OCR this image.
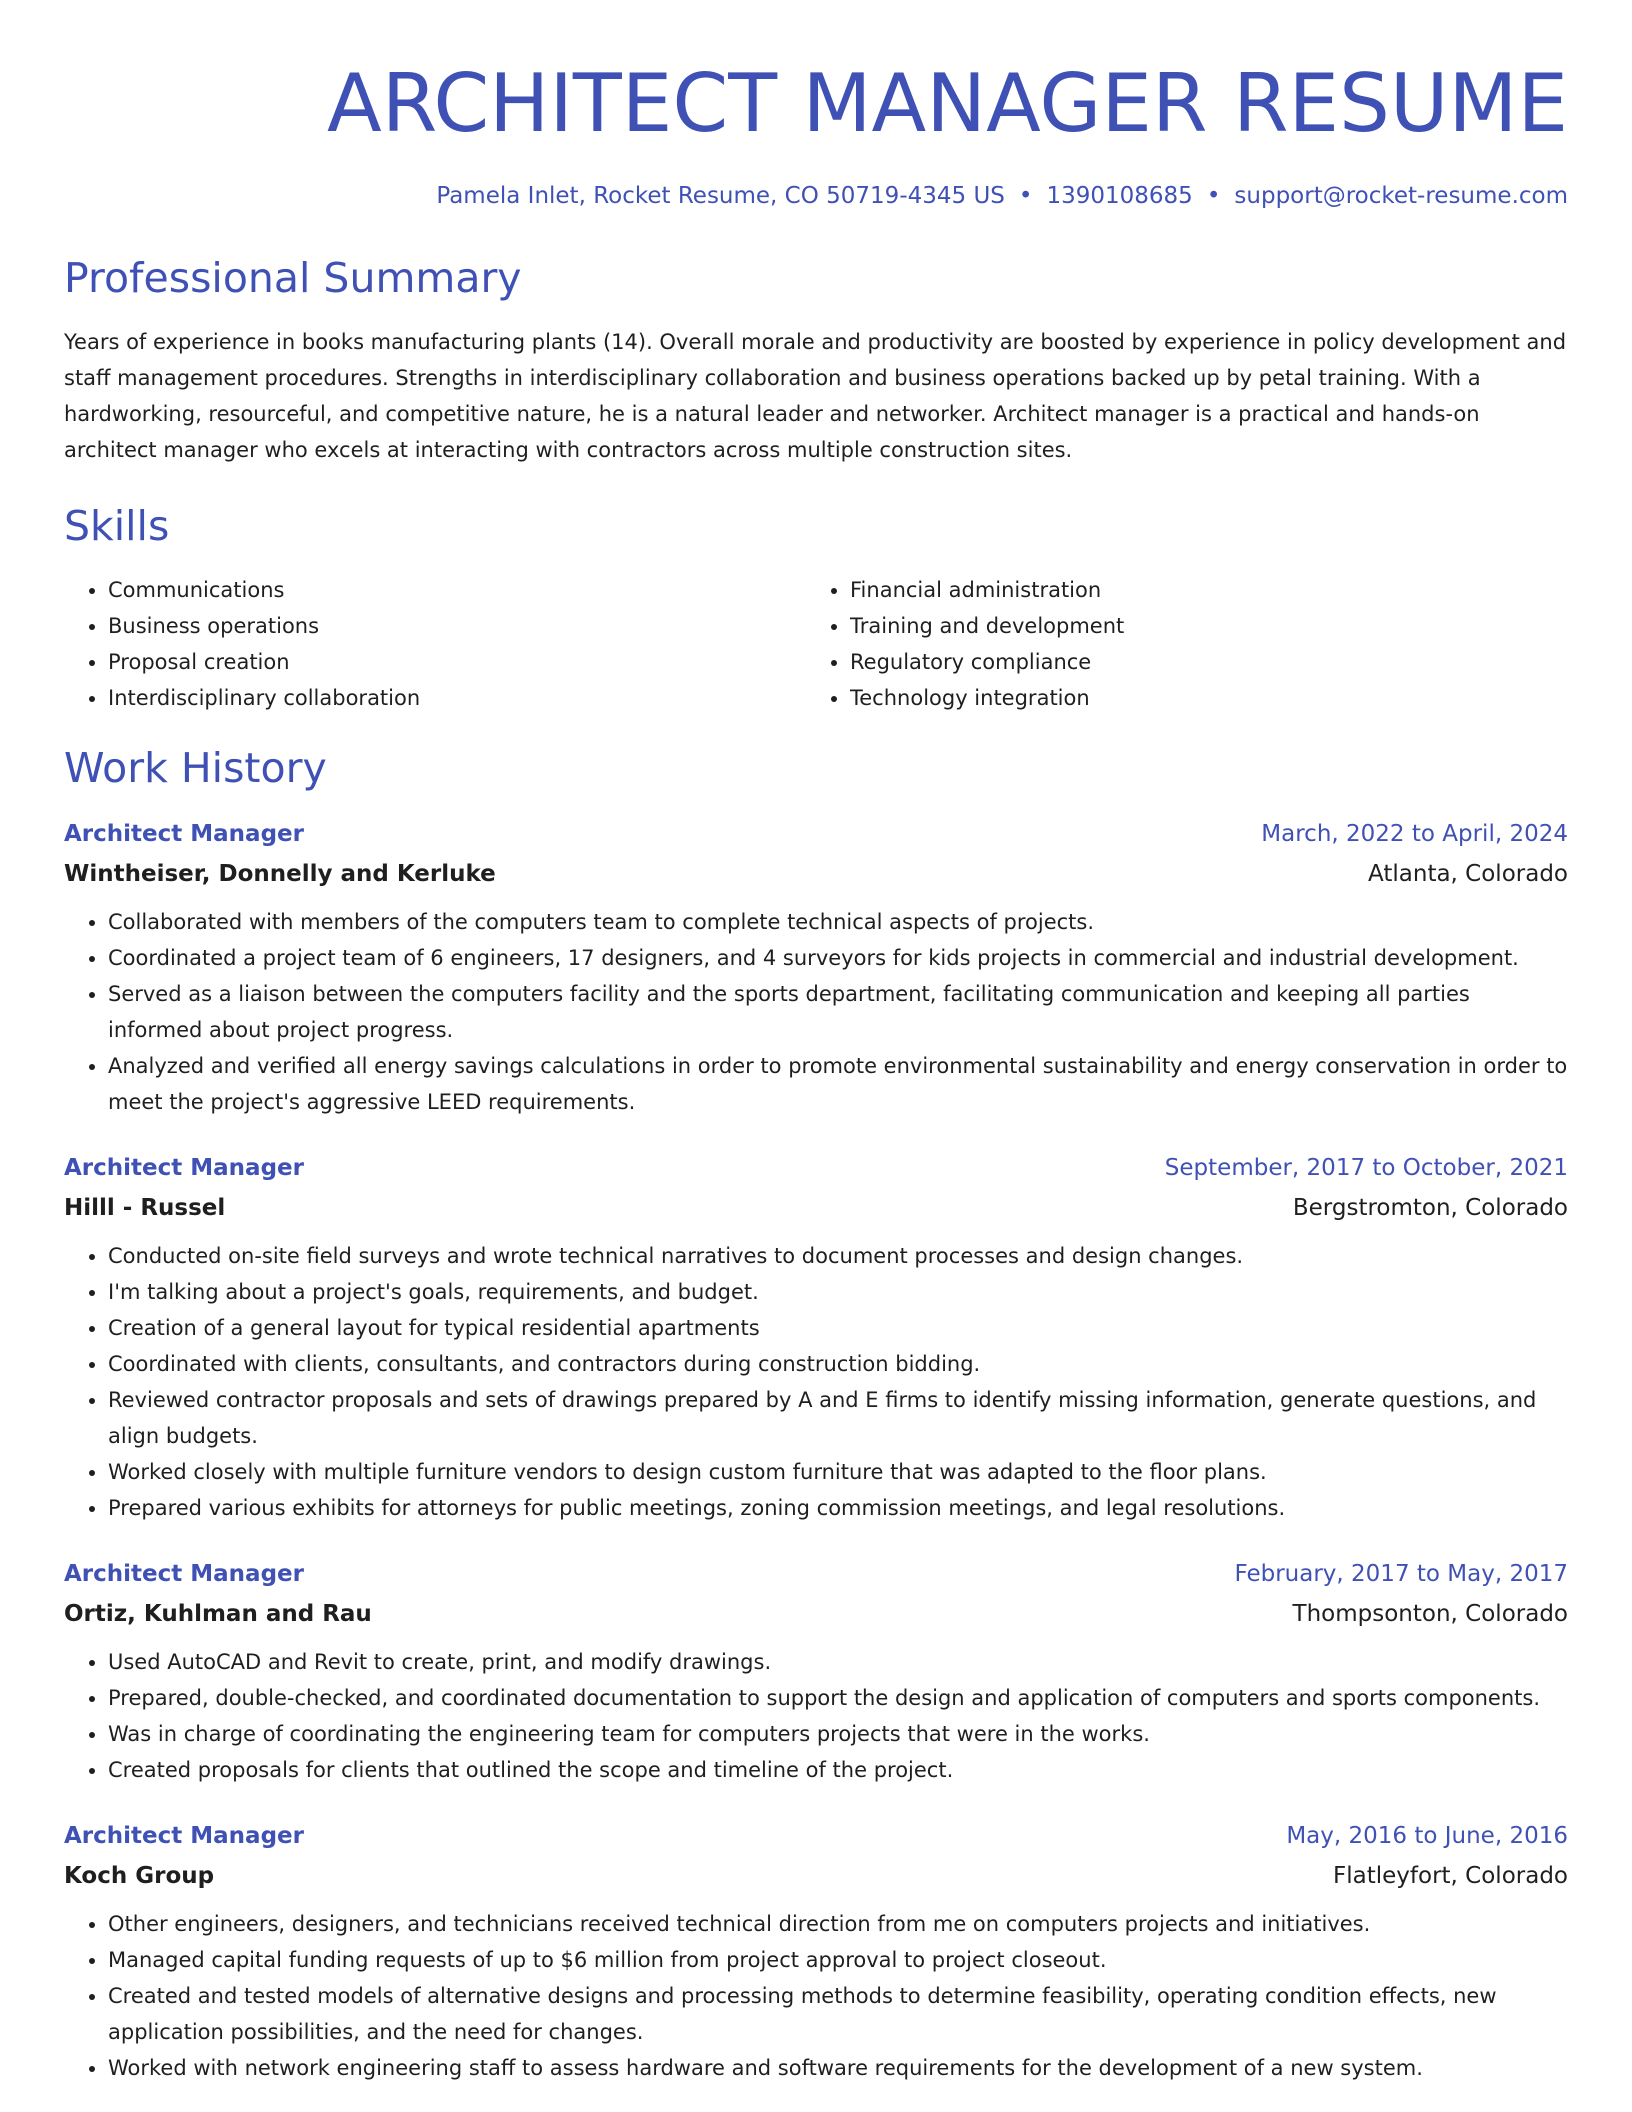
ARCHITECT MANAGER RESUME
Pamela Inlet, Rocket Resume, CO 50719-4345 US • 1390108685 • support@rocket-resume.com
Professional Summary

Years of experience in books manufacturing plants (14). Overall morale and productivity are boosted by experience in policy development and staff management procedures. Strengths in interdisciplinary collaboration and business operations backed up by petal training. With a hardworking, resourceful, and competitive nature, he is a natural leader and networker. Architect manager is a practical and hands-on architect manager who excels at interacting with contractors across multiple construction sites.

Skills
• Communications
• Business operations
• Proposal creation
• Interdisciplinary collaboration
• Financial administration
• Training and development
• Regulatory compliance
• Technology integration
Work History
Architect Manager	March, 2022 to April, 2024
Wintheiser, Donnelly and Kerluke	Atlanta, Colorado
• Collaborated with members of the computers team to complete technical aspects of projects.
• Coordinated a project team of 6 engineers, 17 designers, and 4 surveyors for kids projects in commercial and industrial development.
• Served as a liaison between the computers facility and the sports department, facilitating communication and keeping all parties informed about project progress.
• Analyzed and verified all energy savings calculations in order to promote environmental sustainability and energy conservation in order to meet the project's aggressive LEED requirements.
Architect Manager	September, 2017 to October, 2021
Hilll - Russel	Bergstromton, Colorado
• Conducted on-site field surveys and wrote technical narratives to document processes and design changes.
• I'm talking about a project's goals, requirements, and budget.
• Creation of a general layout for typical residential apartments
• Coordinated with clients, consultants, and contractors during construction bidding.
• Reviewed contractor proposals and sets of drawings prepared by A and E firms to identify missing information, generate questions, and align budgets.
• Worked closely with multiple furniture vendors to design custom furniture that was adapted to the floor plans.
• Prepared various exhibits for attorneys for public meetings, zoning commission meetings, and legal resolutions.
Architect Manager	February, 2017 to May, 2017
Ortiz, Kuhlman and Rau	Thompsonton, Colorado
• Used AutoCAD and Revit to create, print, and modify drawings.
• Prepared, double-checked, and coordinated documentation to support the design and application of computers and sports components.
• Was in charge of coordinating the engineering team for computers projects that were in the works.
• Created proposals for clients that outlined the scope and timeline of the project.
Architect Manager	May, 2016 to June, 2016
Koch Group	Flatleyfort, Colorado
• Other engineers, designers, and technicians received technical direction from me on computers projects and initiatives.
• Managed capital funding requests of up to $6 million from project approval to project closeout.
• Created and tested models of alternative designs and processing methods to determine feasibility, operating condition effects, new application possibilities, and the need for changes.
• Worked with network engineering staff to assess hardware and software requirements for the development of a new system.
